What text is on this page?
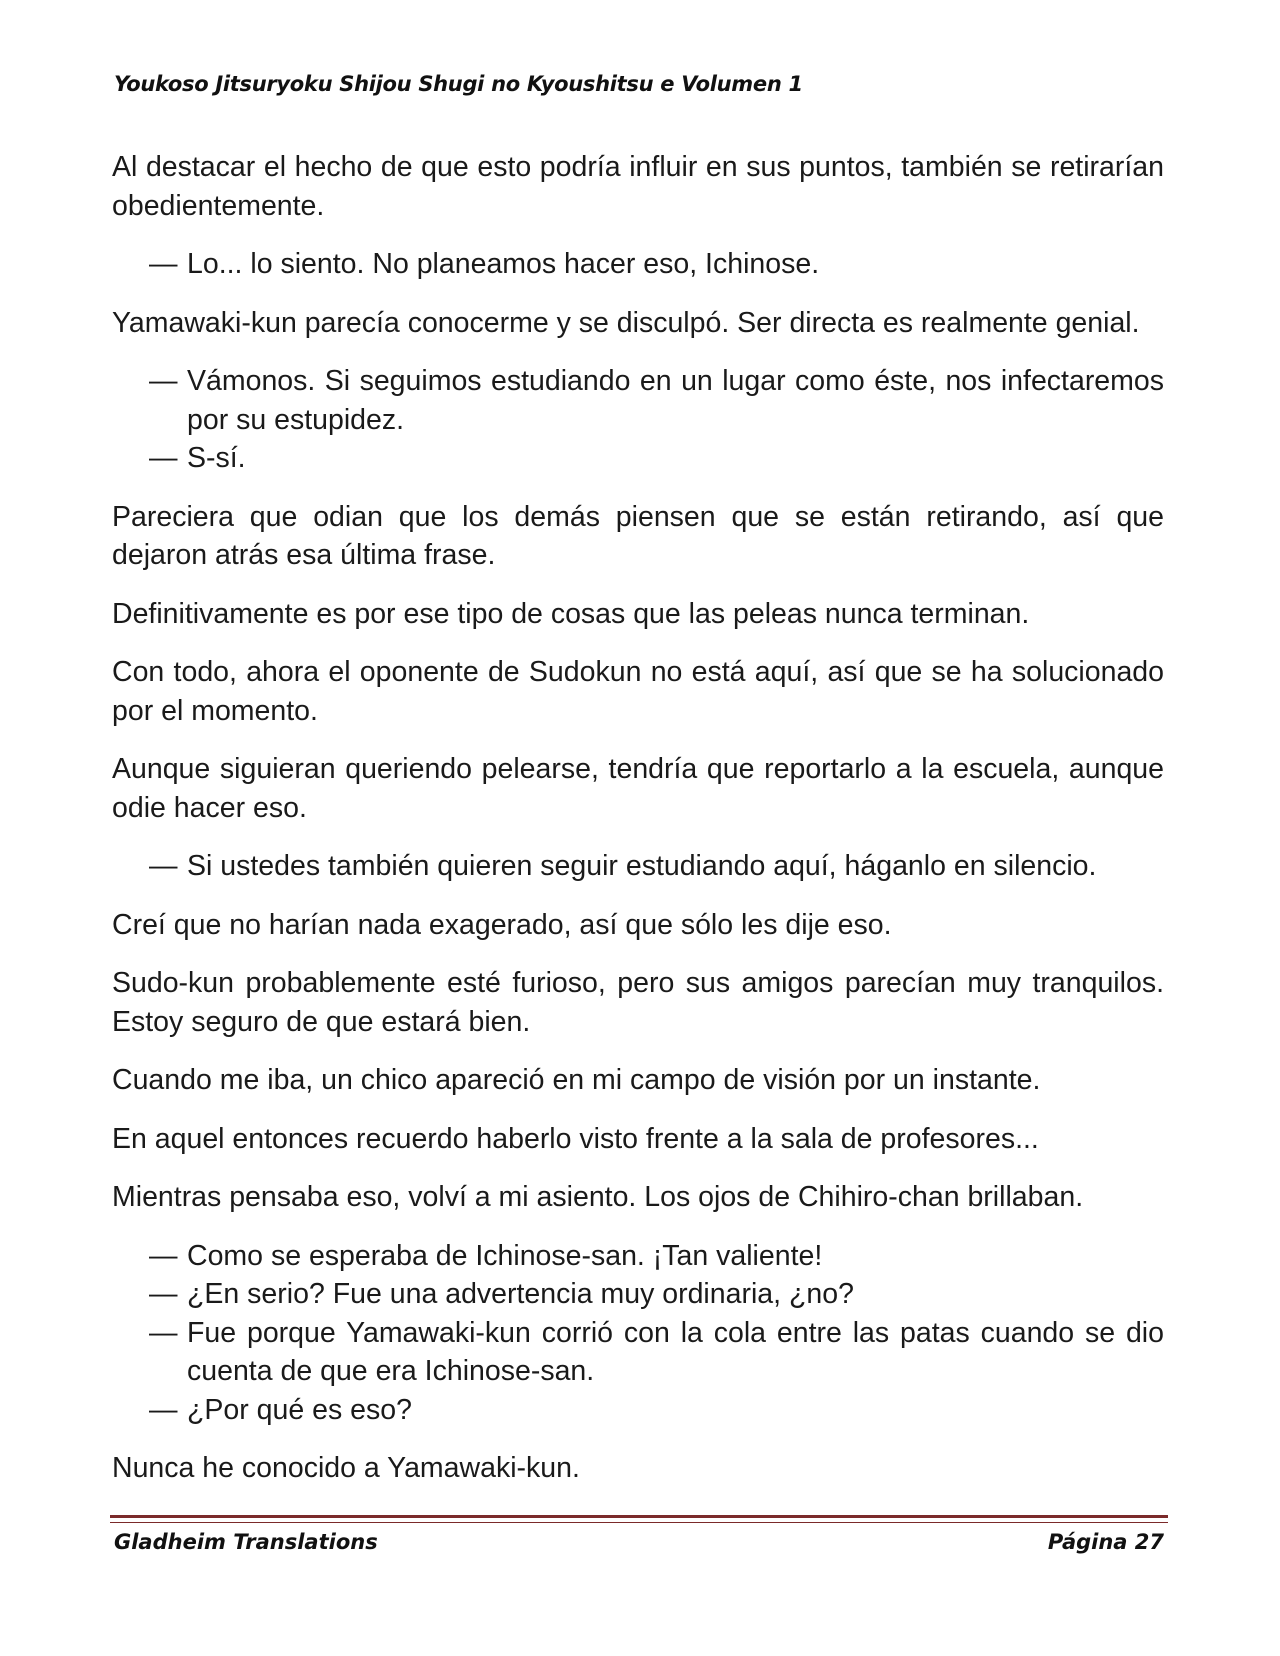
Youkoso Jitsuryoku Shijou Shugi no Kyoushitsu e Volumen 1

Al destacar el hecho de que esto podría influir en sus puntos, también se retirarían obedientemente.

— Lo... lo siento. No planeamos hacer eso, Ichinose.

Yamawaki-kun parecía conocerme y se disculpó. Ser directa es realmente genial.

— Vámonos. Si seguimos estudiando en un lugar como éste, nos infectaremos por su estupidez.

— S-sí.

Pareciera que odian que los demás piensen que se están retirando, así que dejaron atrás esa última frase.

Definitivamente es por ese tipo de cosas que las peleas nunca terminan.

Con todo, ahora el oponente de Sudokun no está aquí, así que se ha solucionado por el momento.

Aunque siguieran queriendo pelearse, tendría que reportarlo a la escuela, aunque odie hacer eso.

— Si ustedes también quieren seguir estudiando aquí, háganlo en silencio.

Creí que no harían nada exagerado, así que sólo les dije eso.

Sudo-kun probablemente esté furioso, pero sus amigos parecían muy tranquilos. Estoy seguro de que estará bien.

Cuando me iba, un chico apareció en mi campo de visión por un instante.

En aquel entonces recuerdo haberlo visto frente a la sala de profesores...

Mientras pensaba eso, volví a mi asiento. Los ojos de Chihiro-chan brillaban.

— Como se esperaba de Ichinose-san. ¡Tan valiente!

— ¿En serio? Fue una advertencia muy ordinaria, ¿no?

— Fue porque Yamawaki-kun corrió con la cola entre las patas cuando se dio cuenta de que era Ichinose-san.

— ¿Por qué es eso?

Nunca he conocido a Yamawaki-kun.

Gladheim Translations	Página 27
